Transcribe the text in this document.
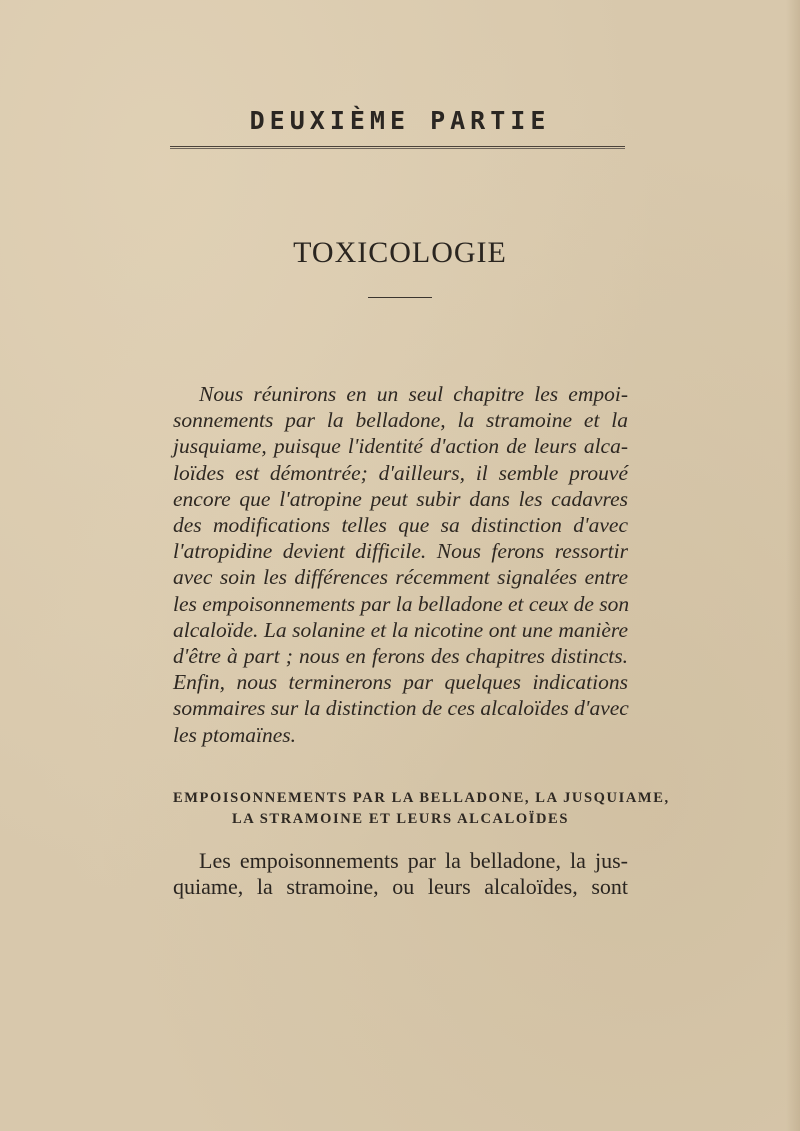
DEUXIÈME PARTIE
TOXICOLOGIE

Nous réunirons en un seul chapitre les empoi-
sonnements par la belladone, la stramoine et la
jusquiame, puisque l'identité d'action de leurs alca-
loïdes est démontrée; d'ailleurs, il semble prouvé
encore que l'atropine peut subir dans les cadavres
des modifications telles que sa distinction d'avec
l'atropidine devient difficile. Nous ferons ressortir
avec soin les différences récemment signalées entre
les empoisonnements par la belladone et ceux de son
alcaloïde. La solanine et la nicotine ont une manière
d'être à part ; nous en ferons des chapitres distincts.
Enfin, nous terminerons par quelques indications
sommaires sur la distinction de ces alcaloïdes d'avec
les ptomaïnes.

EMPOISONNEMENTS PAR LA BELLADONE, LA JUSQUIAME,
LA STRAMOINE ET LEURS ALCALOÏDES

Les empoisonnements par la belladone, la jus-
quiame, la stramoine, ou leurs alcaloïdes, sont
